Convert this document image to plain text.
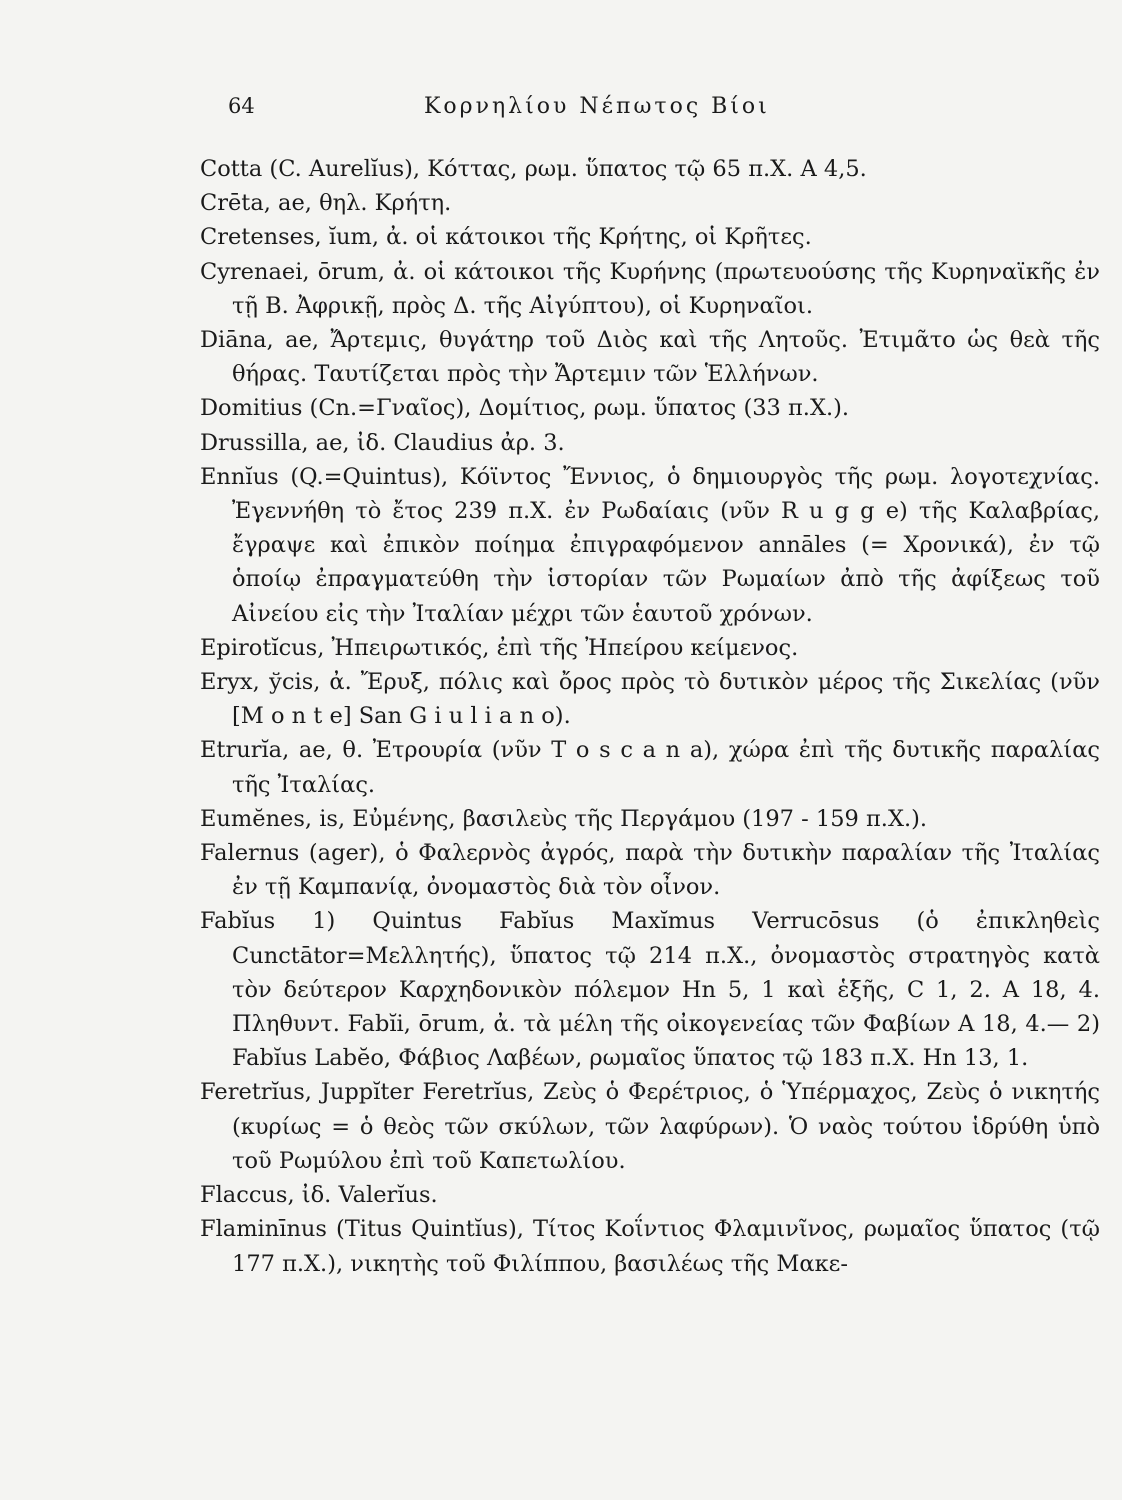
64	Κορνηλίου Νέπωτος Βίοι

Cotta (C. Aurelĭus), Κόττας, ρωμ. ὕπατος τῷ 65 π.Χ. A 4,5.

Crēta, ae, θηλ. Κρήτη.

Cretenses, ĭum, ἀ. οἱ κάτοικοι τῆς Κρήτης, οἱ Κρῆτες.

Cyrenaei, ōrum, ἀ. οἱ κάτοικοι τῆς Κυρήνης (πρωτευούσης τῆς Κυρηναϊκῆς ἐν τῇ Β. Ἀφρικῇ, πρὸς Δ. τῆς Αἰγύπτου), οἱ Κυρηναῖοι.

Diāna, ae, Ἄρτεμις, θυγάτηρ τοῦ Διὸς καὶ τῆς Λητοῦς. Ἐτιμᾶτο ὡς θεὰ τῆς θήρας. Ταυτίζεται πρὸς τὴν Ἄρτεμιν τῶν Ἑλλήνων.

Domitius (Cn.=Γναῖος), Δομίτιος, ρωμ. ὕπατος (33 π.Χ.).

Drussilla, ae, ἰδ. Claudius ἀρ. 3.

Ennĭus (Q.=Quintus), Κόϊντος Ἔννιος, ὁ δημιουργὸς τῆς ρωμ. λογοτεχνίας. Ἐγεννήθη τὸ ἔτος 239 π.Χ. ἐν Ρωδαίαις (νῦν R u g g e) τῆς Καλαβρίας, ἔγραψε καὶ ἐπικὸν ποίημα ἐπιγραφόμενον annāles (= Χρονικά), ἐν τῷ ὁποίῳ ἐπραγματεύθη τὴν ἱστορίαν τῶν Ρωμαίων ἀπὸ τῆς ἀφίξεως τοῦ Αἰνείου εἰς τὴν Ἰταλίαν μέχρι τῶν ἑαυτοῦ χρόνων.

Epirotĭcus, Ἠπειρωτικός, ἐπὶ τῆς Ἠπείρου κείμενος.

Eryx, ўcis, ἀ. Ἔρυξ, πόλις καὶ ὄρος πρὸς τὸ δυτικὸν μέρος τῆς Σικελίας (νῦν [M o n t e] San G i u l i a n o).

Etrurĭa, ae, θ. Ἐτρουρία (νῦν T o s c a n a), χώρα ἐπὶ τῆς δυτικῆς παραλίας τῆς Ἰταλίας.

Eumĕnes, is, Εὐμένης, βασιλεὺς τῆς Περγάμου (197 - 159 π.Χ.).

Falernus (ager), ὁ Φαλερνὸς ἀγρός, παρὰ τὴν δυτικὴν παραλίαν τῆς Ἰταλίας ἐν τῇ Καμπανίᾳ, ὀνομαστὸς διὰ τὸν οἶνον.

Fabĭus 1) Quintus Fabĭus Maxĭmus Verrucōsus (ὁ ἐπικληθεὶς Cunctātor=Μελλητής), ὕπατος τῷ 214 π.Χ., ὀνομαστὸς στρατηγὸς κατὰ τὸν δεύτερον Καρχηδονικὸν πόλεμον Hn 5, 1 καὶ ἑξῆς, C 1, 2. A 18, 4. Πληθυντ. Fabĭi, ōrum, ἀ. τὰ μέλη τῆς οἰκογενείας τῶν Φαβίων A 18, 4.— 2) Fabĭus Labĕo, Φάβιος Λαβέων, ρωμαῖος ὕπατος τῷ 183 π.Χ. Hn 13, 1.

Feretrĭus, Juppĭter Feretrĭus, Ζεὺς ὁ Φερέτριος, ὁ Ὑπέρμαχος, Ζεὺς ὁ νικητής (κυρίως = ὁ θεὸς τῶν σκύλων, τῶν λαφύρων). Ὁ ναὸς τούτου ἱδρύθη ὑπὸ τοῦ Ρωμύλου ἐπὶ τοῦ Καπετωλίου.

Flaccus, ἰδ. Valerĭus.

Flaminīnus (Titus Quintĭus), Τίτος Κοΐντιος Φλαμινῖνος, ρωμαῖος ὕπατος (τῷ 177 π.Χ.), νικητὴς τοῦ Φιλίππου, βασιλέως τῆς Μακε-
